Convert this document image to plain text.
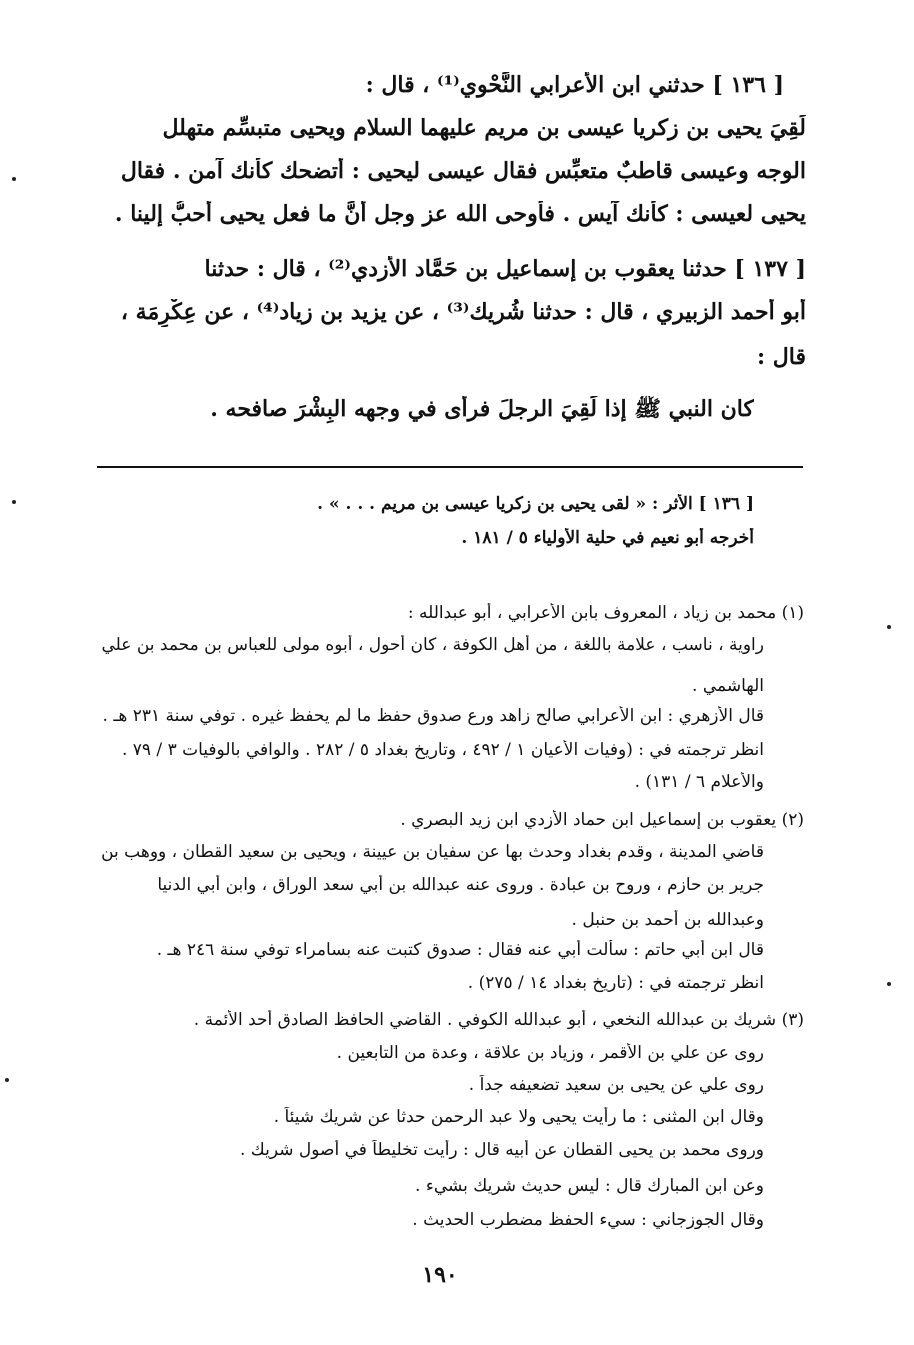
[ ١٣٦ ] حدثني ابن الأعرابي النَّحْوي⁽¹⁾ ، قال :
لَقِيَ يحيى بن زكريا عيسى بن مريم عليهما السلام ويحيى متبسِّم متهلل
الوجه وعيسى قاطبٌ متعبِّس فقال عيسى ليحيى : أتضحك كأنك آمن . فقال
يحيى لعيسى : كأنك آيس . فأوحى الله عز وجل أنَّ ما فعل يحيى أحبُّ إلينا .
[ ١٣٧ ] حدثنا يعقوب بن إسماعيل بن حَمَّاد الأزدي⁽²⁾ ، قال : حدثنا
أبو أحمد الزبيري ، قال : حدثنا شُريك⁽³⁾ ، عن يزيد بن زياد⁽⁴⁾ ، عن عِكْرِمَة ،
قال :
كان النبي ﷺ إذا لَقِيَ الرجلَ فرأى في وجهه البِشْرَ صافحه .
[ ١٣٦ ] الأثر : « لقى يحيى بن زكريا عيسى بن مريم . . . » .
أخرجه أبو نعيم في حلية الأولياء ٥ / ١٨١ .
(١) محمد بن زياد ، المعروف بابن الأعرابي ، أبو عبدالله :
راوية ، ناسب ، علامة باللغة ، من أهل الكوفة ، كان أحول ، أبوه مولى للعباس بن محمد بن علي
الهاشمي .
قال الأزهري : ابن الأعرابي صالح زاهد ورع صدوق حفظ ما لم يحفظ غيره . توفي سنة ٢٣١ هـ .
انظر ترجمته في : (وفيات الأعيان ١ / ٤٩٢ ، وتاريخ بغداد ٥ / ٢٨٢ . والوافي بالوفيات ٣ / ٧٩ .
والأعلام ٦ / ١٣١) .
(٢) يعقوب بن إسماعيل ابن حماد الأزدي ابن زيد البصري .
قاضي المدينة ، وقدم بغداد وحدث بها عن سفيان بن عيينة ، ويحيى بن سعيد القطان ، ووهب بن
جرير بن حازم ، وروح بن عبادة . وروى عنه عبدالله بن أبي سعد الوراق ، وابن أبي الدنيا
وعبدالله بن أحمد بن حنبل .
قال ابن أبي حاتم : سألت أبي عنه فقال : صدوق كتبت عنه بسامراء توفي سنة ٢٤٦ هـ .
انظر ترجمته في : (تاريخ بغداد ١٤ / ٢٧٥) .
(٣) شريك بن عبدالله النخعي ، أبو عبدالله الكوفي . القاضي الحافظ الصادق أحد الأئمة .
روى عن علي بن الأقمر ، وزياد بن علاقة ، وعدة من التابعين .
روى علي عن يحيى بن سعيد تضعيفه جداً .
وقال ابن المثنى : ما رأيت يحيى ولا عبد الرحمن حدثا عن شريك شيئاً .
وروى محمد بن يحيى القطان عن أبيه قال : رأيت تخليطاً في أصول شريك .
وعن ابن المبارك قال : ليس حديث شريك بشيء .
وقال الجوزجاني : سيء الحفظ مضطرب الحديث .
١٩٠
